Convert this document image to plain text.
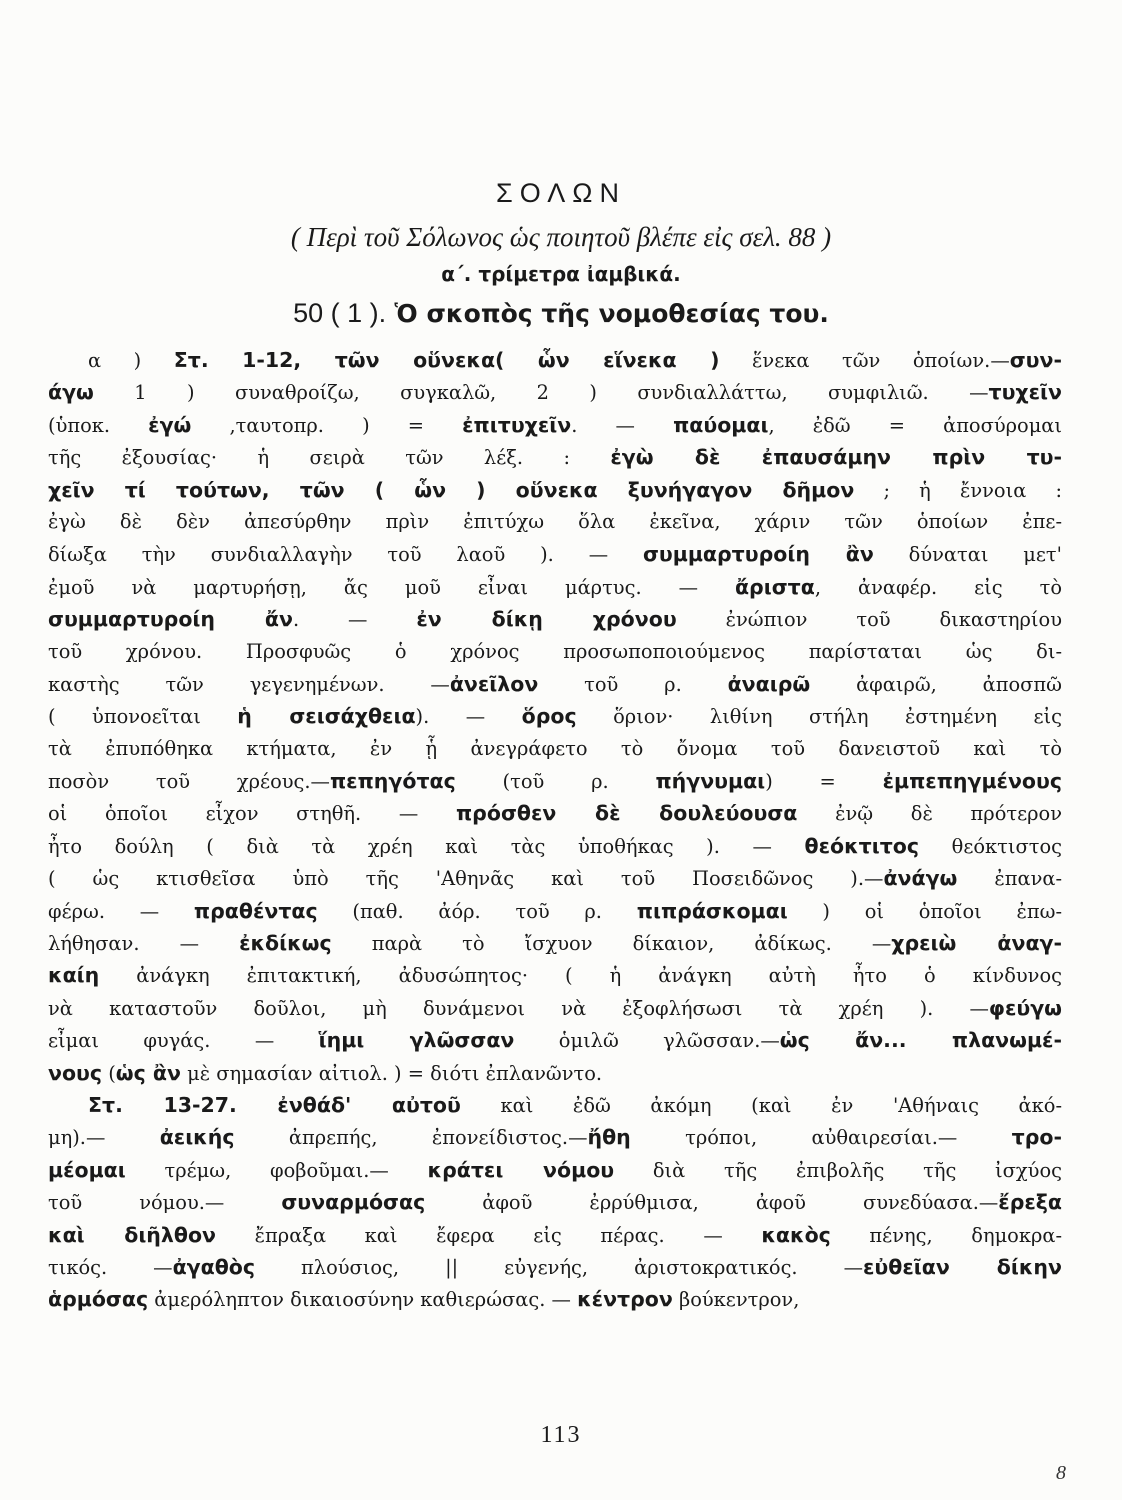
ΣΟΛΩΝ
( Περὶ τοῦ Σόλωνος ὡς ποιητοῦ βλέπε εἰς σελ. 88 )
α΄. τρίμετρα ἰαμβικά.
50 ( 1 ). Ὁ σκοπὸς τῆς νομοθεσίας του.
α ) Στ. 1-12, τῶν οὕνεκα( ὧν εἵνεκα ) ἕνεκα τῶν ὁποίων.—συν-
άγω 1 ) συναθροίζω, συγκαλῶ, 2 ) συνδιαλλάττω, συμφιλιῶ. —τυχεῖν
(ὑποκ. ἐγώ ,ταυτοπρ. ) = ἐπιτυχεῖν. — παύομαι, ἐδῶ = ἀποσύρομαι
τῆς ἐξουσίας· ἡ σειρὰ τῶν λέξ. : ἐγὼ δὲ ἐπαυσάμην πρὶν τυ-
χεῖν τί τούτων, τῶν ( ὧν ) οὕνεκα ξυνήγαγον δῆμον ; ἡ ἔννοια :
ἐγὼ δὲ δὲν ἀπεσύρθην πρὶν ἐπιτύχω ὅλα ἐκεῖνα, χάριν τῶν ὁποίων ἐπε-
δίωξα τὴν συνδιαλλαγὴν τοῦ λαοῦ ). — συμμαρτυροίη ἂν δύναται μετ'
ἐμοῦ νὰ μαρτυρήσῃ, ἄς μοῦ εἶναι μάρτυς. — ἄριστα, ἀναφέρ. εἰς τὸ
συμμαρτυροίη ἄν. — ἐν δίκῃ χρόνου ἐνώπιον τοῦ δικαστηρίου
τοῦ χρόνου. Προσφυῶς ὁ χρόνος προσωποποιούμενος παρίσταται ὡς δι-
καστὴς τῶν γεγενημένων. —ἀνεῖλον τοῦ ρ. ἀναιρῶ ἀφαιρῶ, ἀποσπῶ
( ὑπονοεῖται ἡ σεισάχθεια). — ὅρος ὅριον· λιθίνη στήλη ἐστημένη εἰς
τὰ ἐπυπόθηκα κτήματα, ἐν ᾗ ἀνεγράφετο τὸ ὄνομα τοῦ δανειστοῦ καὶ τὸ
ποσὸν τοῦ χρέους.—πεπηγότας (τοῦ ρ. πήγνυμαι) = ἐμπεπηγμένους
οἱ ὁποῖοι εἶχον στηθῆ. — πρόσθεν δὲ δουλεύουσα ἐνῷ δὲ πρότερον
ἦτο δούλη ( διὰ τὰ χρέη καὶ τὰς ὑποθήκας ). — θεόκτιτος θεόκτιστος
( ὡς κτισθεῖσα ὑπὸ τῆς 'Αθηνᾶς καὶ τοῦ Ποσειδῶνος ).—ἀνάγω ἐπανα-
φέρω. — πραθέντας (παθ. ἀόρ. τοῦ ρ. πιπράσκομαι ) οἱ ὁποῖοι ἐπω-
λήθησαν. — ἐκδίκως παρὰ τὸ ἴσχυον δίκαιον, ἀδίκως. —χρειὼ ἀναγ-
καίη ἀνάγκη ἐπιτακτική, ἀδυσώπητος· ( ἡ ἀνάγκη αὐτὴ ἦτο ὁ κίνδυνος
νὰ καταστοῦν δοῦλοι, μὴ δυνάμενοι νὰ ἐξοφλήσωσι τὰ χρέη ). —φεύγω
εἶμαι φυγάς. — ἵημι γλῶσσαν ὁμιλῶ γλῶσσαν.—ὡς ἄν... πλανωμέ-
νους (ὡς ἂν μὲ σημασίαν αἰτιολ. ) = διότι ἐπλανῶντο.
Στ. 13-27. ἐνθάδ' αὐτοῦ καὶ ἐδῶ ἀκόμη (καὶ ἐν 'Αθήναις ἀκό-
μη).— ἀεικής ἀπρεπής, ἐπονείδιστος.—ἤθη τρόποι, αὐθαιρεσίαι.— τρο-
μέομαι τρέμω, φοβοῦμαι.— κράτει νόμου διὰ τῆς ἐπιβολῆς τῆς ἰσχύος
τοῦ νόμου.— συναρμόσας ἀφοῦ ἐρρύθμισα, ἀφοῦ συνεδύασα.—ἔρεξα
καὶ διῆλθον ἔπραξα καὶ ἔφερα εἰς πέρας. — κακὸς πένης, δημοκρα-
τικός. —ἀγαθὸς πλούσιος, || εὐγενής, ἀριστοκρατικός. —εὐθεῖαν δίκην
ἁρμόσας ἀμερόληπτον δικαιοσύνην καθιερώσας. — κέντρον βούκεντρον,
113
8
